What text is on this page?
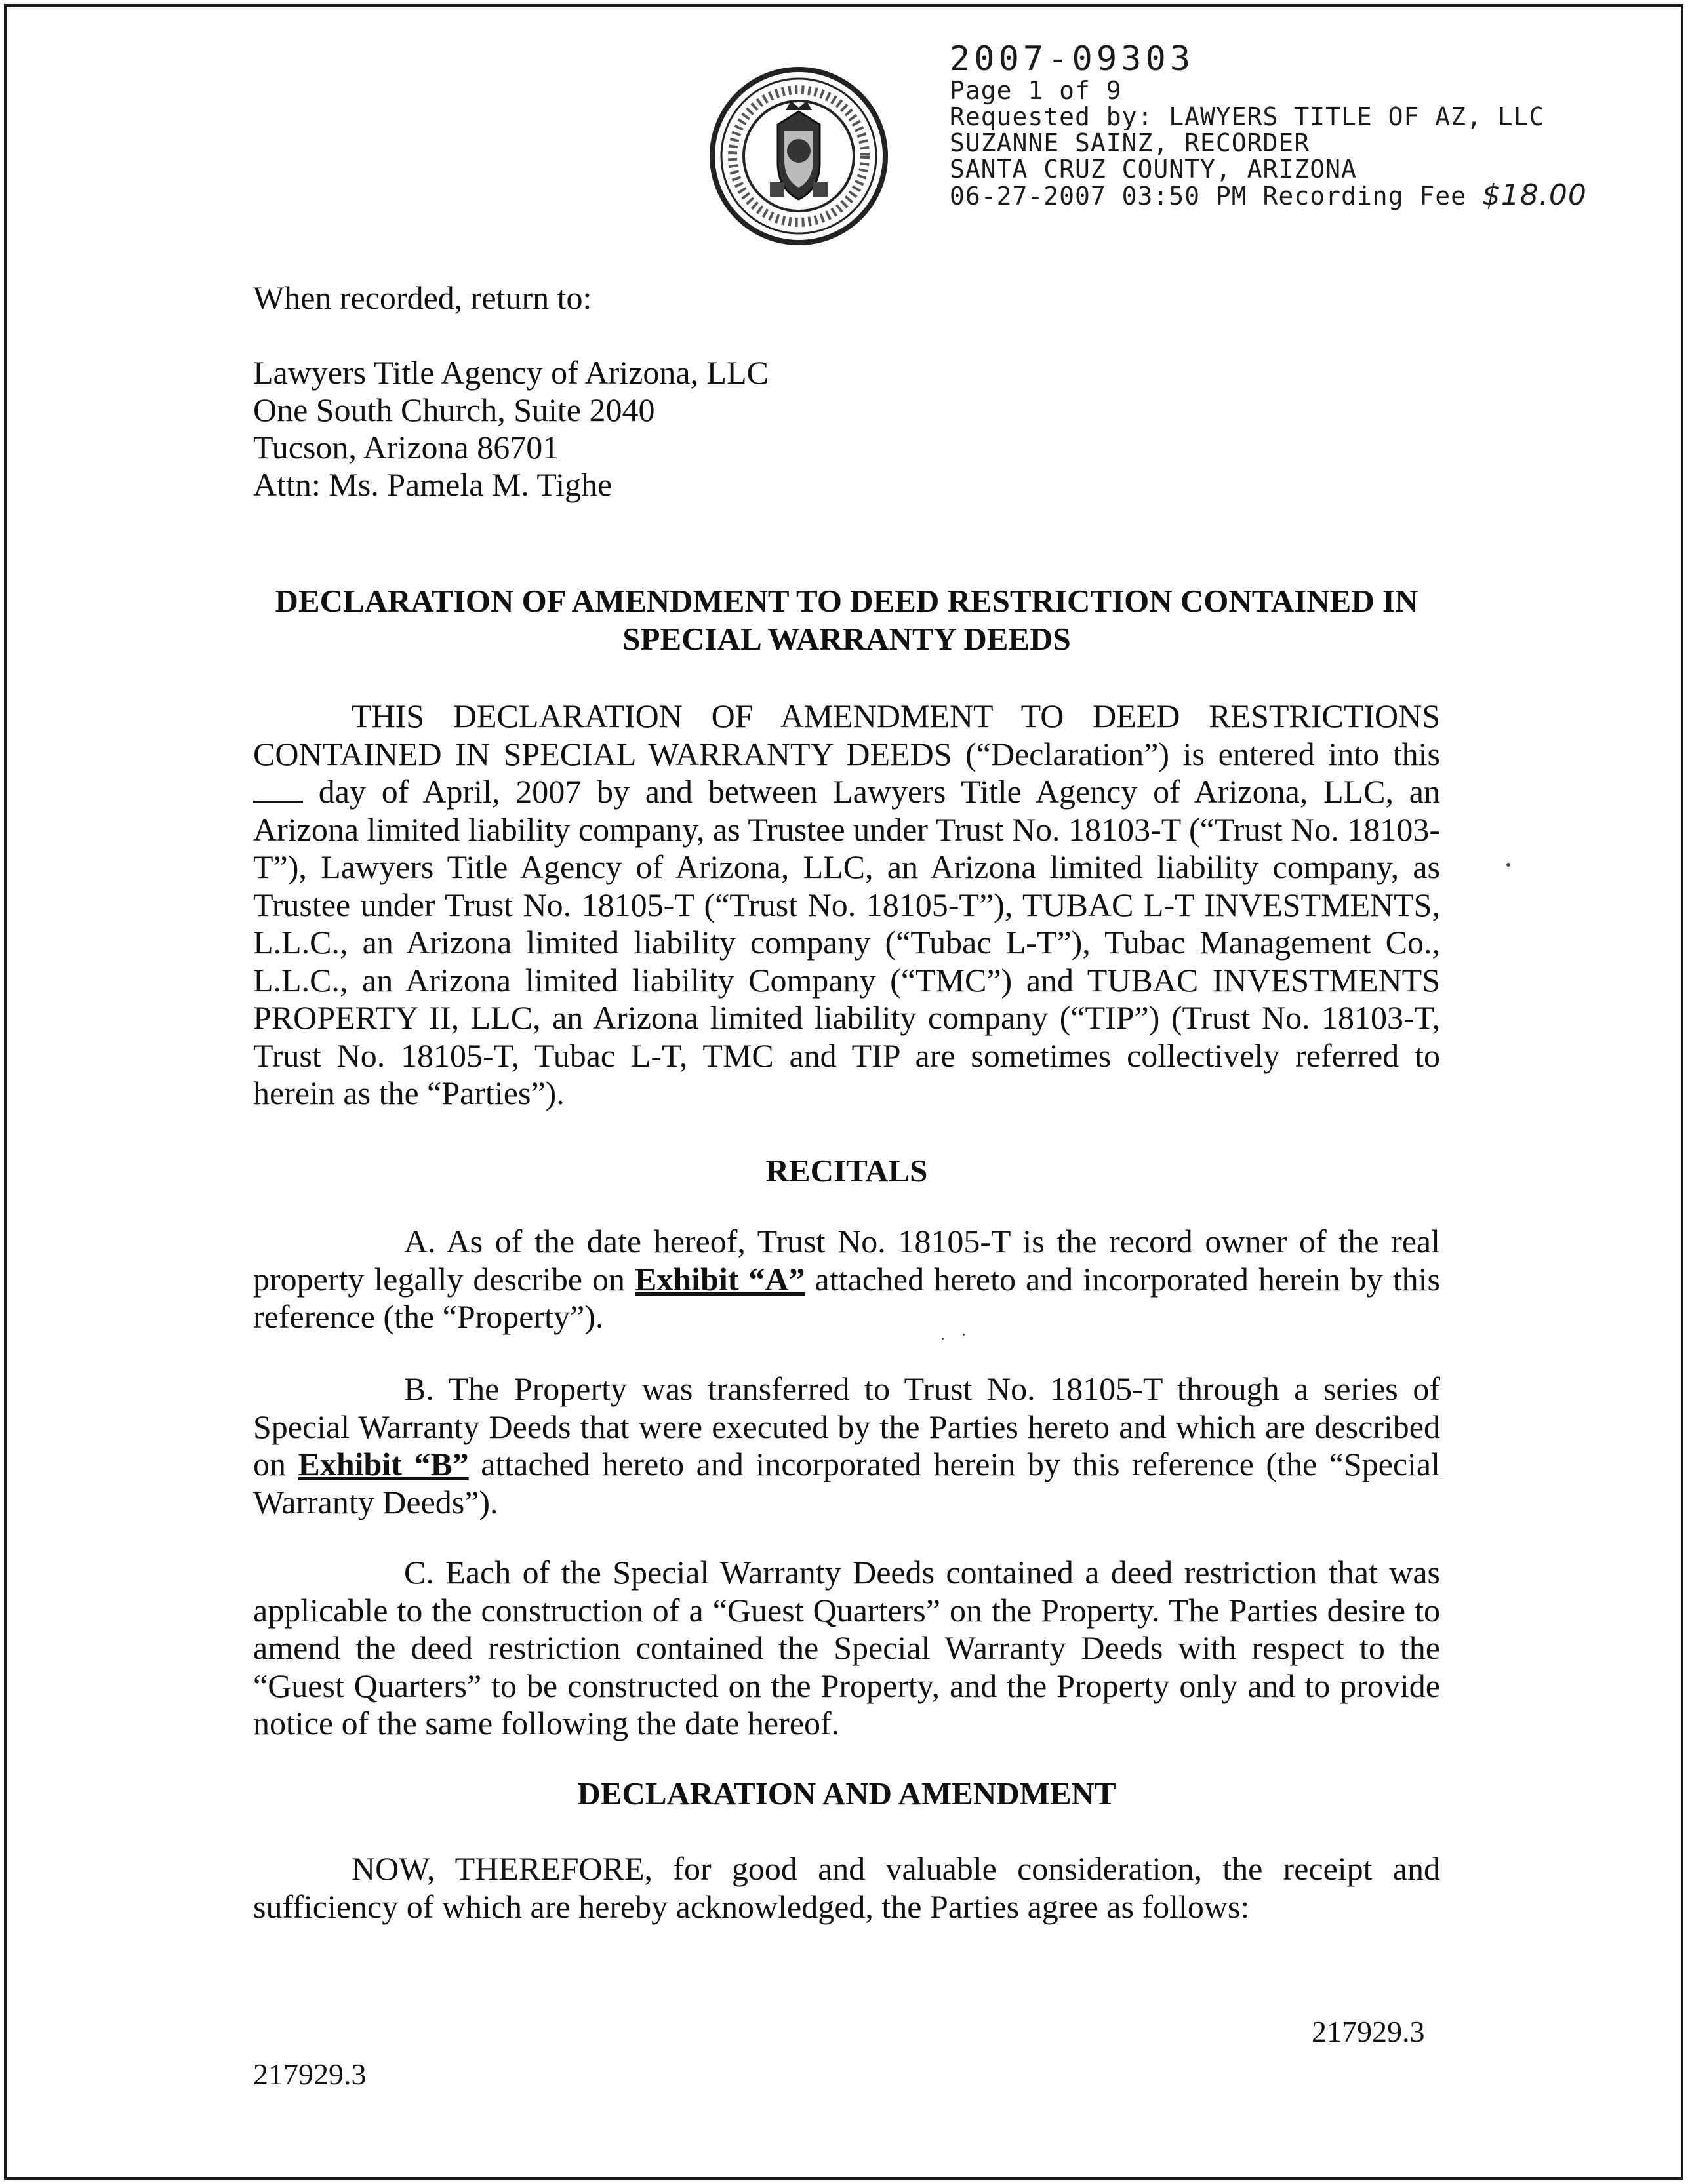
2007-09303
Page 1 of 9
Requested by: LAWYERS TITLE OF AZ, LLC
SUZANNE SAINZ, RECORDER
SANTA CRUZ COUNTY, ARIZONA
06-27-2007 03:50 PM Recording Fee $18.00
When recorded, return to:
Lawyers Title Agency of Arizona, LLC
One South Church, Suite 2040
Tucson, Arizona 86701
Attn: Ms. Pamela M. Tighe
DECLARATION OF AMENDMENT TO DEED RESTRICTION CONTAINED IN
SPECIAL WARRANTY DEEDS
THIS DECLARATION OF AMENDMENT TO DEED RESTRICTIONS CONTAINED IN SPECIAL WARRANTY DEEDS (“Declaration”) is entered into this  day of April, 2007 by and between Lawyers Title Agency of Arizona, LLC, an Arizona limited liability company, as Trustee under Trust No. 18103-T (“Trust No. 18103-T”), Lawyers Title Agency of Arizona, LLC, an Arizona limited liability company, as Trustee under Trust No. 18105-T (“Trust No. 18105-T”), TUBAC L-T INVESTMENTS, L.L.C., an Arizona limited liability company (“Tubac L-T”), Tubac Management Co., L.L.C., an Arizona limited liability Company (“TMC”) and TUBAC INVESTMENTS PROPERTY II, LLC, an Arizona limited liability company (“TIP”) (Trust No. 18103-T, Trust No. 18105-T, Tubac L-T, TMC and TIP are sometimes collectively referred to herein as the “Parties”).
RECITALS
A. As of the date hereof, Trust No. 18105-T is the record owner of the real property legally describe on Exhibit “A” attached hereto and incorporated herein by this reference (the “Property”).
B. The Property was transferred to Trust No. 18105-T through a series of Special Warranty Deeds that were executed by the Parties hereto and which are described on Exhibit “B” attached hereto and incorporated herein by this reference (the “Special Warranty Deeds”).
C. Each of the Special Warranty Deeds contained a deed restriction that was applicable to the construction of a “Guest Quarters” on the Property. The Parties desire to amend the deed restriction contained the Special Warranty Deeds with respect to the “Guest Quarters” to be constructed on the Property, and the Property only and to provide notice of the same following the date hereof.
DECLARATION AND AMENDMENT
NOW, THEREFORE, for good and valuable consideration, the receipt and sufficiency of which are hereby acknowledged, the Parties agree as follows:
217929.3
217929.3
